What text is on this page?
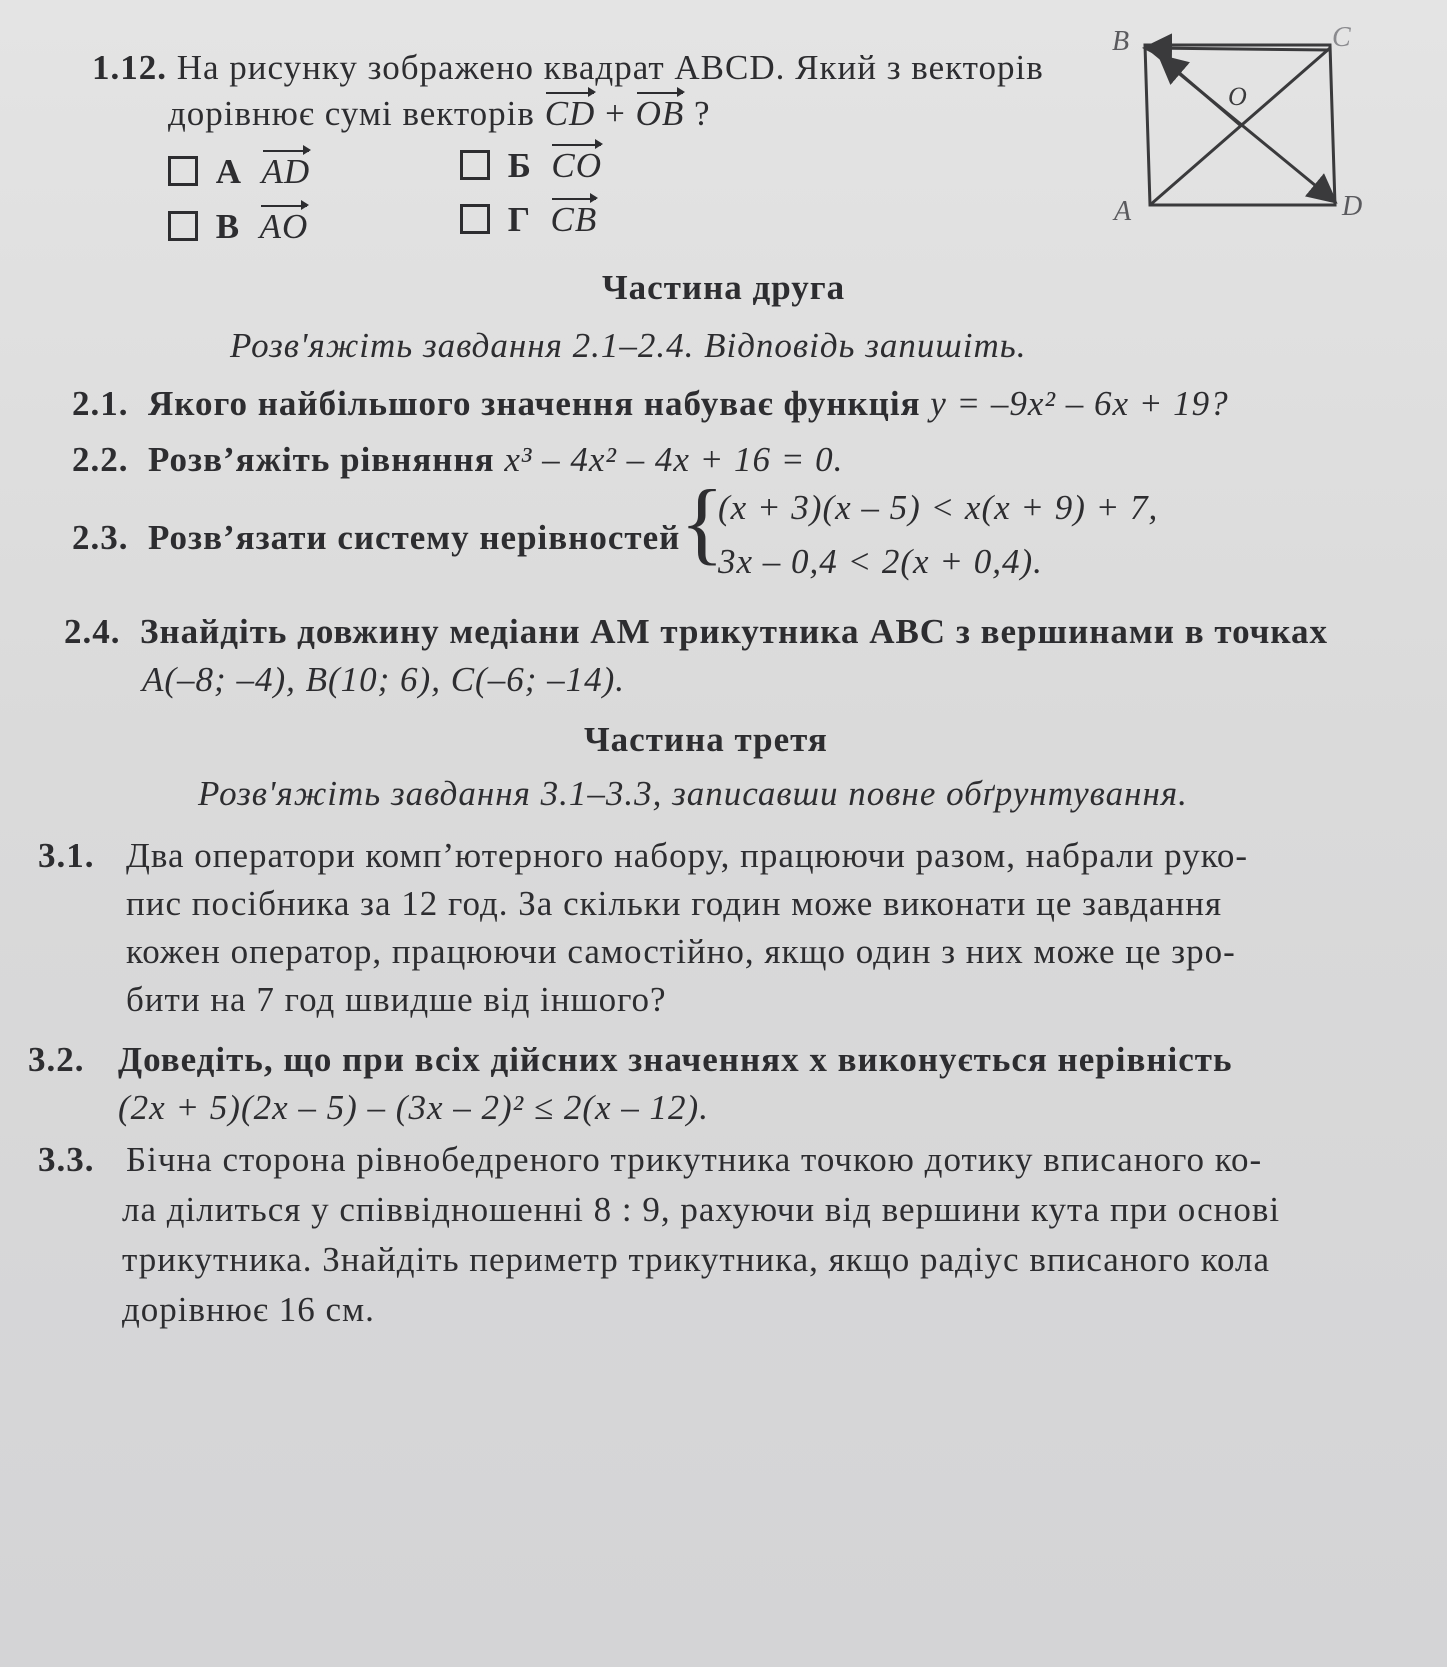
1.12. На рисунку зображено квадрат ABCD. Який з векторів
дорівнює сумі векторів CD + OB ?
А AD	Б CO
В AO	Г CB
B	C
A	D
O
Частина друга
Розв'яжіть завдання 2.1–2.4. Відповідь запишіть.
2.1. Якого найбільшого значення набуває функція y = –9x² – 6x + 19?
2.2. Розв’яжіть рівняння x³ – 4x² – 4x + 16 = 0.
2.3. Розв’язати систему нерівностей {
(x + 3)(x – 5) < x(x + 9) + 7,
3x – 0,4 < 2(x + 0,4).
2.4. Знайдіть довжину медіани AM трикутника ABC з вершинами в точках
A(–8; –4), B(10; 6), C(–6; –14).
Частина третя
Розв'яжіть завдання 3.1–3.3, записавши повне обґрунтування.
3.1. Два оператори комп’ютерного набору, працюючи разом, набрали руко-
пис посібника за 12 год. За скільки годин може виконати це завдання
кожен оператор, працюючи самостійно, якщо один з них може це зро-
бити на 7 год швидше від іншого?
3.2. Доведіть, що при всіх дійсних значеннях x виконується нерівність
(2x + 5)(2x – 5) – (3x – 2)² ≤ 2(x – 12).
3.3. Бічна сторона рівнобедреного трикутника точкою дотику вписаного ко-
ла ділиться у співвідношенні 8 : 9, рахуючи від вершини кута при основі
трикутника. Знайдіть периметр трикутника, якщо радіус вписаного кола
дорівнює 16 см.
